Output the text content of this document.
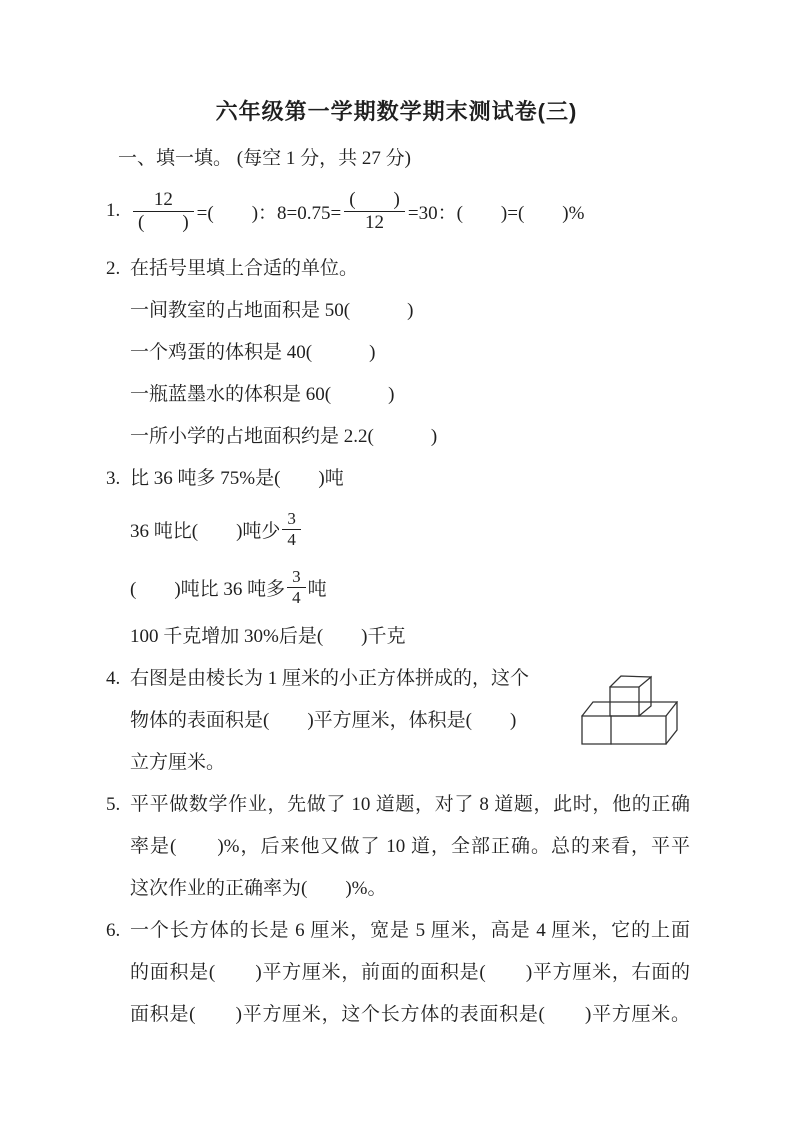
六年级第一学期数学期末测试卷(三)
一、填一填。 (每空 1 分，共 27 分)
1. $\frac{12}{( )}$ =(　　)：$8=0.75= \frac{( )}{12} =30$：(　　)=(　　)%
2. 在括号里填上合适的单位。
一间教室的占地面积是 50(　　　)
一个鸡蛋的体积是 40(　　　)
一瓶蓝墨水的体积是 60(　　　)
一所小学的占地面积约是 2.2(　　　)
3. 比 36 吨多 75%是(　　)吨
36 吨比(　　)吨少 $\frac{3}{4}$
(　　)吨比 36 吨多 $\frac{3}{4}$ 吨
100 千克增加 30%后是(　　)千克
4. 右图是由棱长为 1 厘米的小正方体拼成的，这个
物体的表面积是(　　)平方厘米，体积是(　　)
立方厘米。
5. 平平做数学作业，先做了 10 道题，对了 8 道题，此时，他的正确
率是(　　)%，后来他又做了 10 道，全部正确。总的来看，平平
这次作业的正确率为(　　)%。
6. 一个长方体的长是 6 厘米，宽是 5 厘米，高是 4 厘米，它的上面
的面积是(　　)平方厘米，前面的面积是(　　)平方厘米，右面的
面积是(　　)平方厘米，这个长方体的表面积是(　　)平方厘米。
